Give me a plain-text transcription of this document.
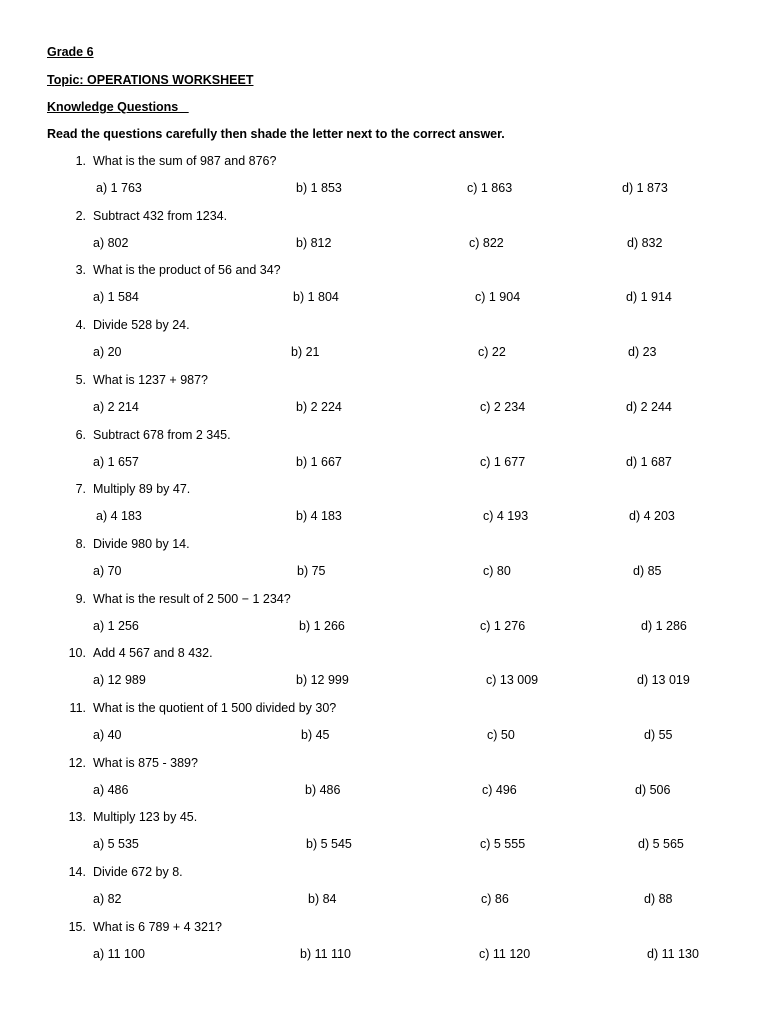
Grade 6
Topic: OPERATIONS WORKSHEET
Knowledge Questions
Read the questions carefully then shade the letter next to the correct answer.
1. What is the sum of 987 and 876?
a) 1 763	b) 1 853	c) 1 863	d) 1 873
2. Subtract 432 from 1234.
a) 802	b) 812	c) 822	d) 832
3. What is the product of 56 and 34?
a) 1 584	b) 1 804	c) 1 904	d) 1 914
4. Divide 528 by 24.
a) 20	b) 21	c) 22	d) 23
5. What is 1237 + 987?
a) 2 214	b) 2 224	c) 2 234	d) 2 244
6. Subtract 678 from 2 345.
a) 1 657	b) 1 667	c) 1 677	d) 1 687
7. Multiply 89 by 47.
a) 4 183	b) 4 183	c) 4 193	d) 4 203
8. Divide 980 by 14.
a) 70	b) 75	c) 80	d) 85
9. What is the result of 2 500 − 1 234?
a) 1 256	b) 1 266	c) 1 276	d) 1 286
10. Add 4 567 and 8 432.
a) 12 989	b) 12 999	c) 13 009	d) 13 019
11. What is the quotient of 1 500 divided by 30?
a) 40	b) 45	c) 50	d) 55
12. What is 875 - 389?
a) 486	b) 486	c) 496	d) 506
13. Multiply 123 by 45.
a) 5 535	b) 5 545	c) 5 555	d) 5 565
14. Divide 672 by 8.
a) 82	b) 84	c) 86	d) 88
15. What is 6 789 + 4 321?
a) 11 100	b) 11 110	c) 11 120	d) 11 130
